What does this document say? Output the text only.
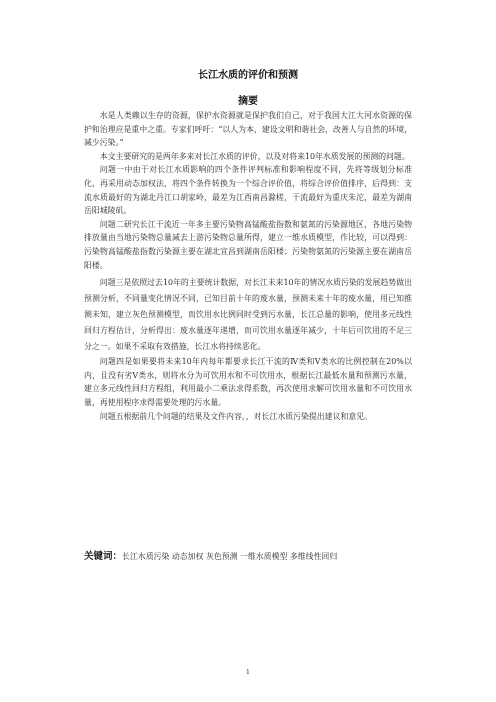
长江水质的评价和预测
摘要

水是人类赖以生存的资源，保护水资源就是保护我们自己，对于我国大江大河水资源的保护和治理应是重中之重。专家们呼吁：“以人为本，建设文明和谐社会，改善人与自然的环境，减少污染。”

本文主要研究的是两年多来对长江水质的评价，以及对将来10年水质发展的预测的问题。

问题一中由于对长江水质影响的四个条件评判标准和影响程度不同，先将等级划分标准化，再采用动态加权法，将四个条件转换为一个综合评价值，将综合评价值排序，后得到：支流水质最好的为湖北丹江口胡家岭，最差为江西南昌滁槎，干流最好为重庆朱沱，最差为湖南岳阳城陵矶。

问题二研究长江干流近一年多主要污染物高锰酸盐指数和氨氮的污染源地区，各地污染物排放量由当地污染物总量减去上游污染物总量所得，建立一维水质模型，作比较，可以得到：污染物高锰酸盐指数污染源主要在湖北宜昌到湖南岳阳楼；污染物氨氮的污染源主要在湖南岳阳楼。

问题三是依照过去10年的主要统计数据，对长江未来10年的情况水质污染的发展趋势做出预测分析，不同量变化情况不同，已知目前十年的废水量，预测未来十年的废水量，用已知推测未知，建立灰色预测模型，而饮用水比例同时受到污水量，长江总量的影响，使用多元线性回归方程估计，分析得出：废水量逐年递增，而可饮用水量逐年减少，十年后可饮用的不足三分之一。如果不采取有效措施，长江水将持续恶化。

问题四是如果要将未来10年内每年都要求长江干流的Ⅳ类和Ⅴ类水的比例控制在20%以内，且没有劣Ⅴ类水，则将水分为可饮用水和不可饮用水，根据长江最低水量和预测污水量，建立多元线性回归方程组，利用最小二乘法求得系数，再次使用求解可饮用水量和不可饮用水量，再使用程序求得需要处理的污水量。

问题五根据前几个问题的结果及文件内容，，对长江水质污染提出建议和意见。

关键词：长江水质污染 动态加权 灰色预测 一维水质模型 多维线性回归
1
